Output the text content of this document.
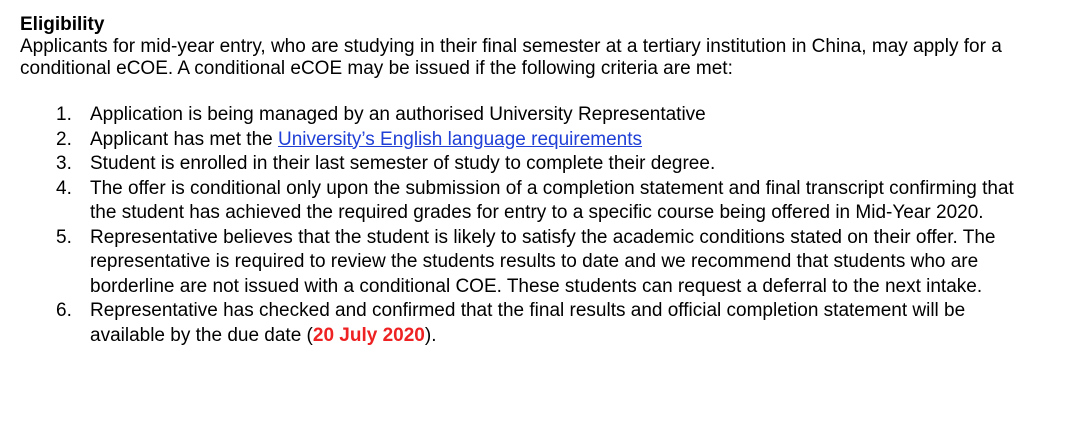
Eligibility

Applicants for mid-year entry, who are studying in their final semester at a tertiary institution in China, may apply for a conditional eCOE. A conditional eCOE may be issued if the following criteria are met:

1. Application is being managed by an authorised University Representative
2. Applicant has met the University’s English language requirements
3. Student is enrolled in their last semester of study to complete their degree.
4. The offer is conditional only upon the submission of a completion statement and final transcript confirming that the student has achieved the required grades for entry to a specific course being offered in Mid-Year 2020.
5. Representative believes that the student is likely to satisfy the academic conditions stated on their offer. The representative is required to review the students results to date and we recommend that students who are borderline are not issued with a conditional COE. These students can request a deferral to the next intake.
6. Representative has checked and confirmed that the final results and official completion statement will be available by the due date (20 July 2020).
